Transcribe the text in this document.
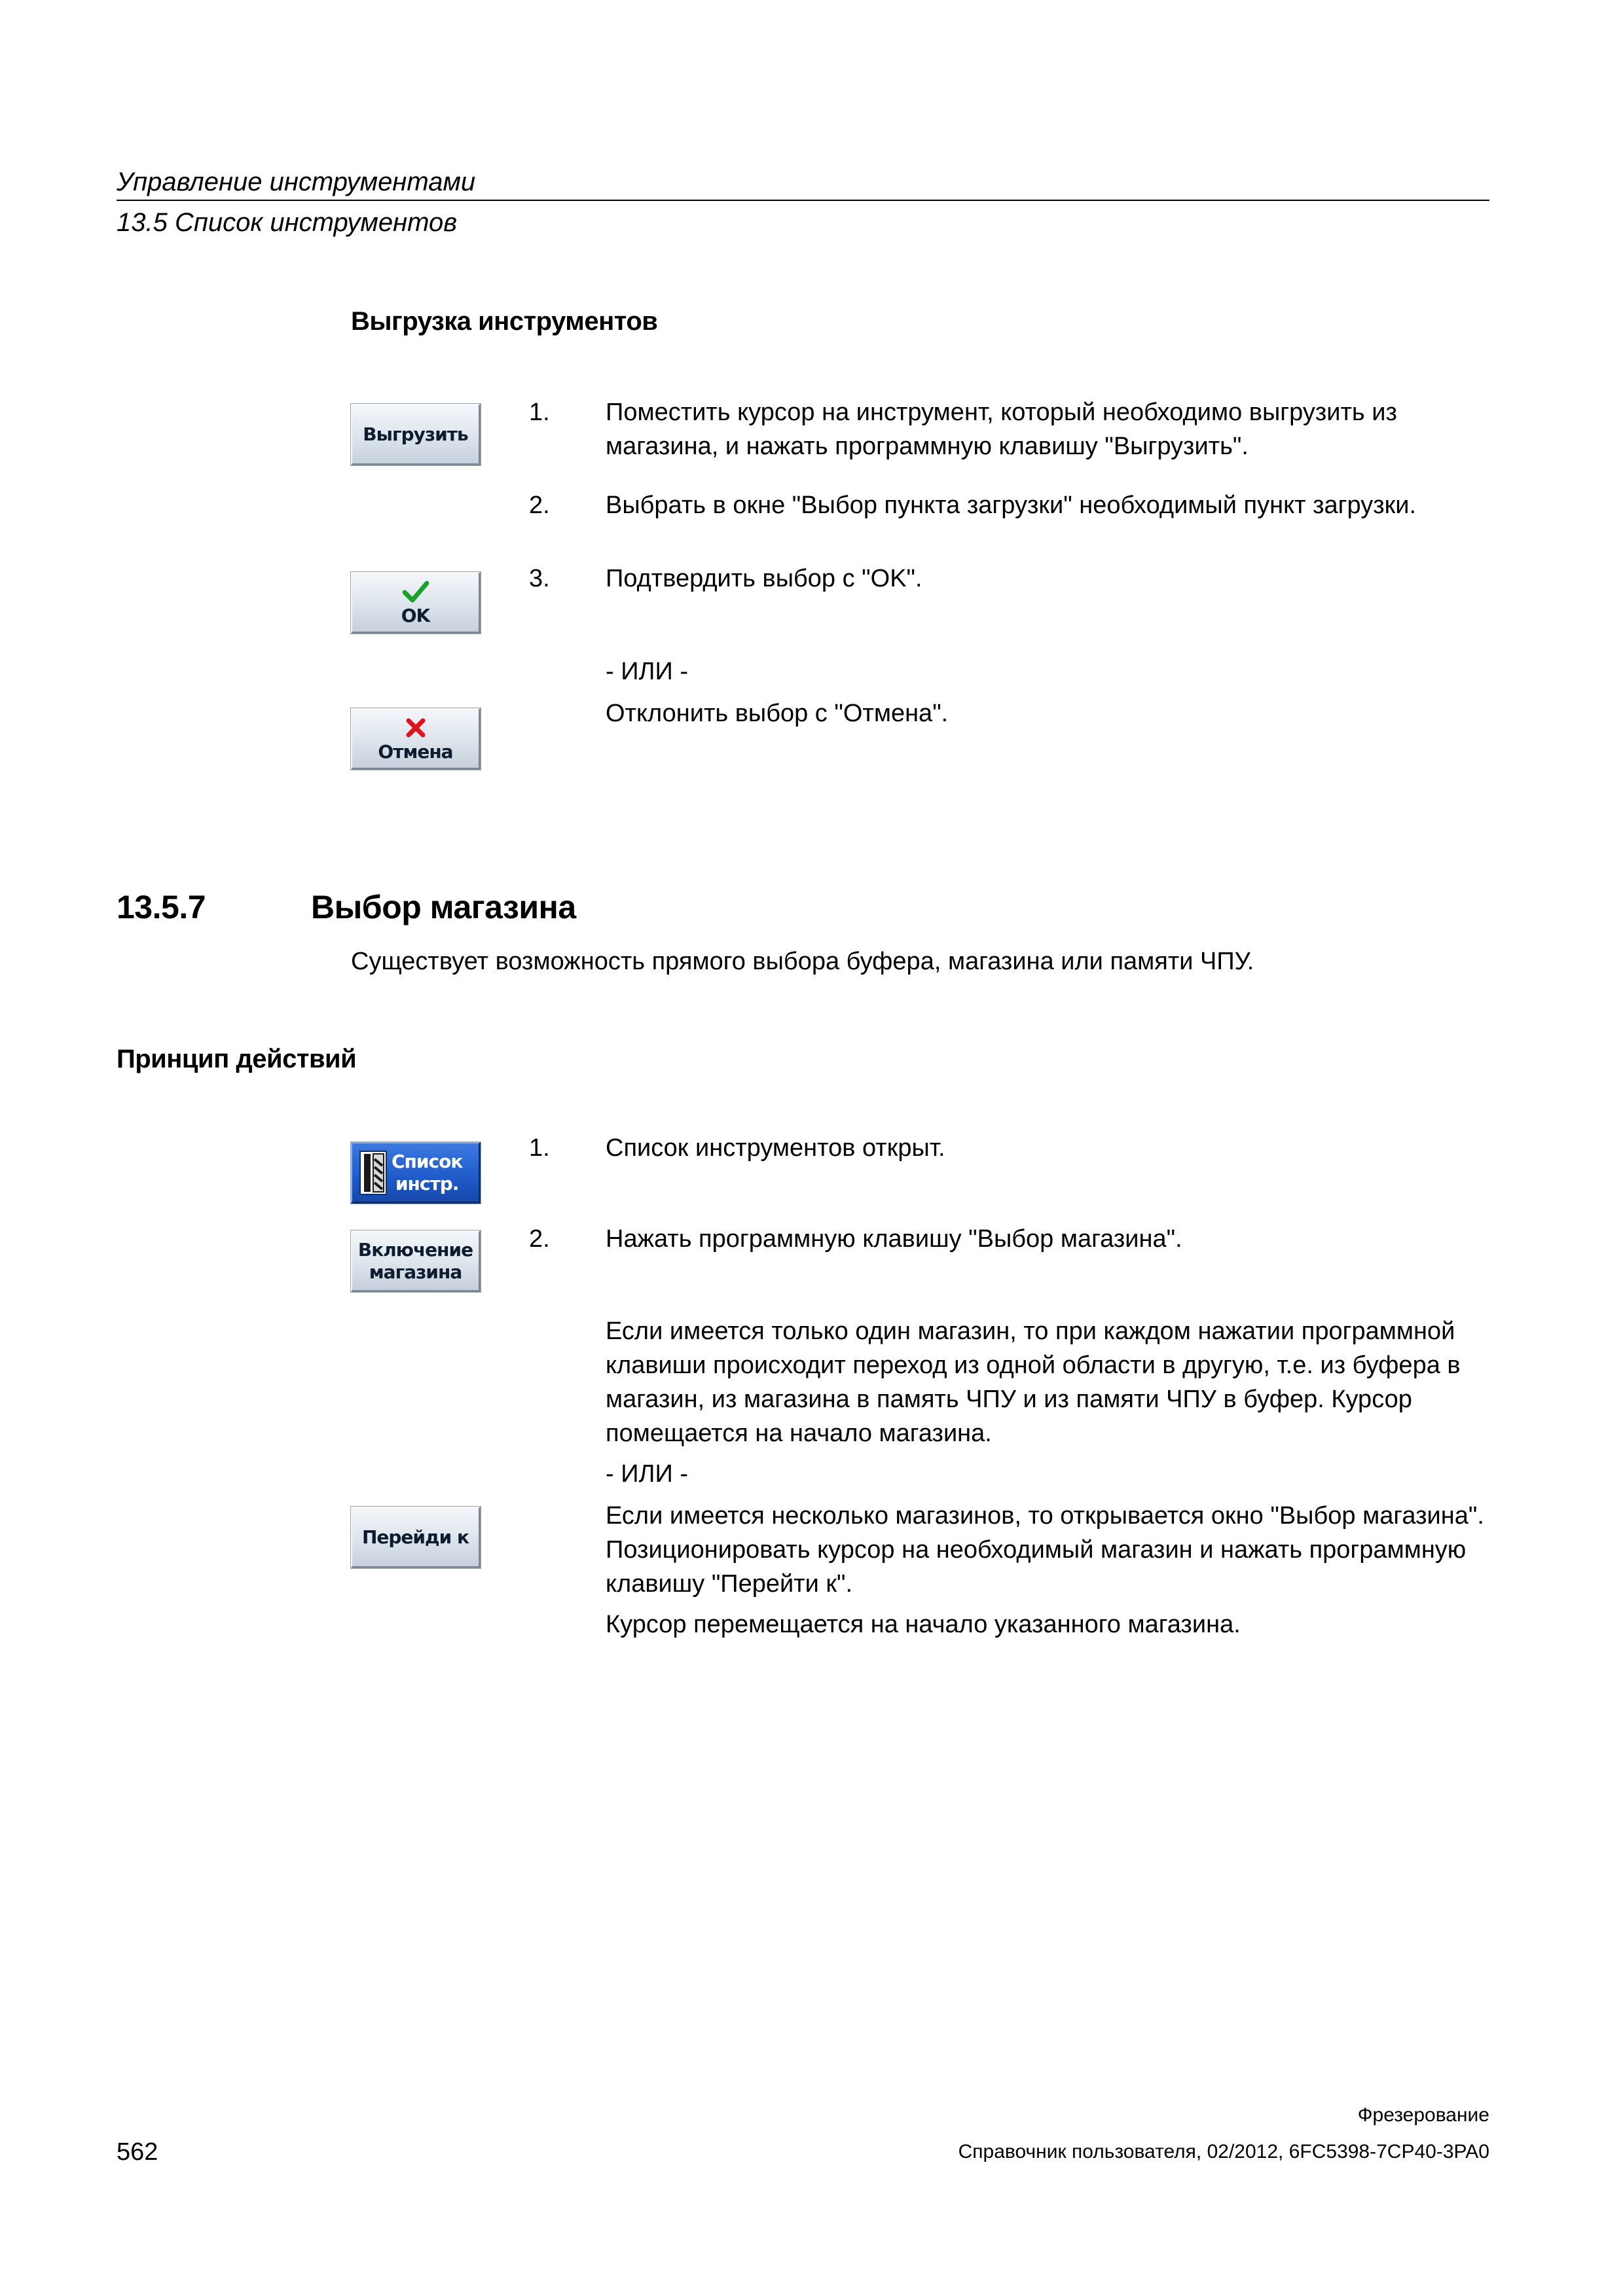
Управление инструментами
13.5 Список инструментов
Выгрузка инструментов
Выгрузить
1.	Поместить курсор на инструмент, который необходимо выгрузить из магазина, и нажать программную клавишу "Выгрузить".
2.	Выбрать в окне "Выбор пункта загрузки" необходимый пункт загрузки.
OK
3.	Подтвердить выбор с "OK".
- ИЛИ -
Отклонить выбор с "Отмена".
Отмена
13.5.7	Выбор магазина
Существует возможность прямого выбора буфера, магазина или памяти ЧПУ.
Принцип действий
Список
инстр.
1.	Список инструментов открыт.
Включение
магазина
2.	Нажать программную клавишу "Выбор магазина".
Если имеется только один магазин, то при каждом нажатии программной клавиши происходит переход из одной области в другую, т.е. из буфера в магазин, из магазина в память ЧПУ и из памяти ЧПУ в буфер. Курсор помещается на начало магазина.
- ИЛИ -
Если имеется несколько магазинов, то открывается окно "Выбор магазина". Позиционировать курсор на необходимый магазин и нажать программную клавишу "Перейти к".
Курсор перемещается на начало указанного магазина.
Перейди к
562
Фрезерование
Справочник пользователя, 02/2012, 6FC5398-7CP40-3PA0
